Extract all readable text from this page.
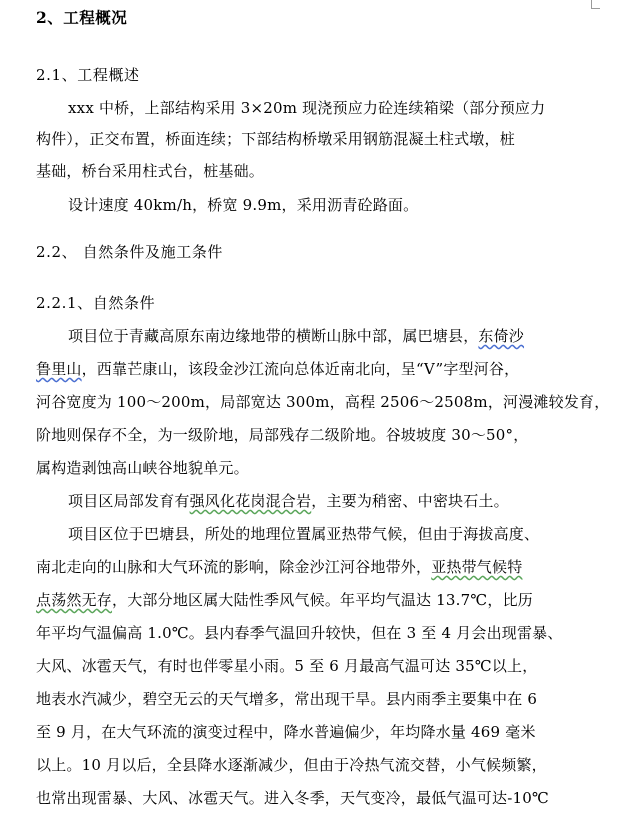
2、工程概况
2.1、工程概述
xxx 中桥，上部结构采用 3×20m 现浇预应力砼连续箱梁（部分预应力
构件），正交布置，桥面连续；下部结构桥墩采用钢筋混凝土柱式墩，桩
基础，桥台采用柱式台，桩基础。
设计速度 40km/h，桥宽 9.9m，采用沥青砼路面。
2.2、 自然条件及施工条件
2.2.1、自然条件
项目位于青藏高原东南边缘地带的横断山脉中部，属巴塘县，东倚沙
鲁里山，西靠芒康山，该段金沙江流向总体近南北向，呈“V”字型河谷，
河谷宽度为 100～200m，局部宽达 300m，高程 2506～2508m，河漫滩较发育，
阶地则保存不全，为一级阶地，局部残存二级阶地。谷坡坡度 30～50°，
属构造剥蚀高山峡谷地貌单元。
项目区局部发育有强风化花岗混合岩，主要为稍密、中密块石土。
项目区位于巴塘县，所处的地理位置属亚热带气候，但由于海拔高度、
南北走向的山脉和大气环流的影响，除金沙江河谷地带外，亚热带气候特
点荡然无存，大部分地区属大陆性季风气候。年平均气温达 13.7℃，比历
年平均气温偏高 1.0℃。县内春季气温回升较快，但在 3 至 4 月会出现雷暴、
大风、冰雹天气，有时也伴零星小雨。5 至 6 月最高气温可达 35℃以上，
地表水汽减少，碧空无云的天气增多，常出现干旱。县内雨季主要集中在 6
至 9 月，在大气环流的演变过程中，降水普遍偏少，年均降水量 469 毫米
以上。10 月以后，全县降水逐渐减少，但由于冷热气流交替，小气候频繁，
也常出现雷暴、大风、冰雹天气。进入冬季，天气变冷，最低气温可达-10℃
